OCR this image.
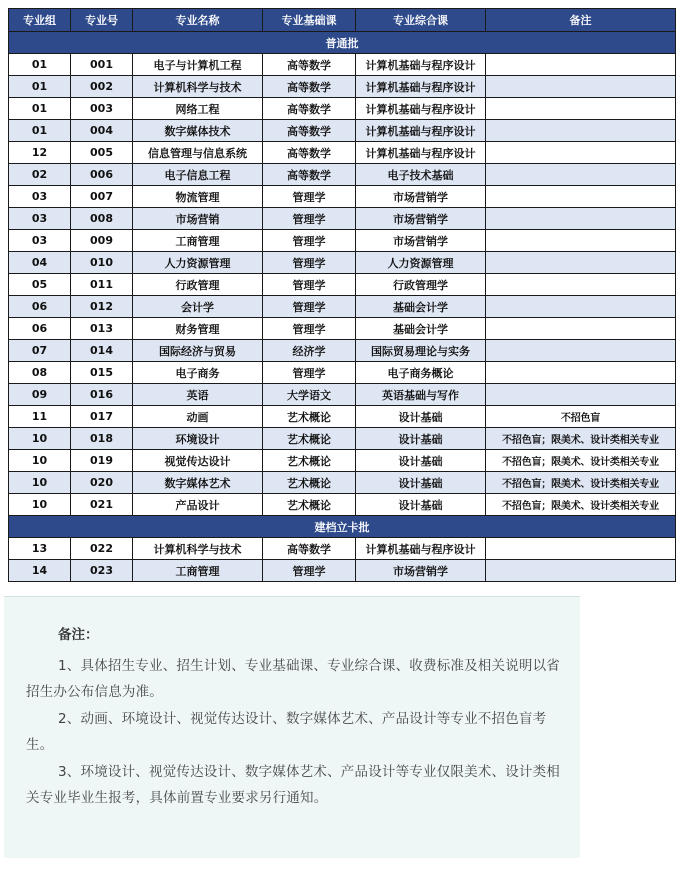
专业组	专业号	专业名称	专业基础课	专业综合课	备注
普通批					
01	001	电子与计算机工程	高等数学	计算机基础与程序设计	
01	002	计算机科学与技术	高等数学	计算机基础与程序设计	
01	003	网络工程	高等数学	计算机基础与程序设计	
01	004	数字媒体技术	高等数学	计算机基础与程序设计	
12	005	信息管理与信息系统	高等数学	计算机基础与程序设计	
02	006	电子信息工程	高等数学	电子技术基础	
03	007	物流管理	管理学	市场营销学	
03	008	市场营销	管理学	市场营销学	
03	009	工商管理	管理学	市场营销学	
04	010	人力资源管理	管理学	人力资源管理	
05	011	行政管理	管理学	行政管理学	
06	012	会计学	管理学	基础会计学	
06	013	财务管理	管理学	基础会计学	
07	014	国际经济与贸易	经济学	国际贸易理论与实务	
08	015	电子商务	管理学	电子商务概论	
09	016	英语	大学语文	英语基础与写作	
11	017	动画	艺术概论	设计基础	不招色盲
10	018	环境设计	艺术概论	设计基础	不招色盲；限美术、设计类相关专业
10	019	视觉传达设计	艺术概论	设计基础	不招色盲；限美术、设计类相关专业
10	020	数字媒体艺术	艺术概论	设计基础	不招色盲；限美术、设计类相关专业
10	021	产品设计	艺术概论	设计基础	不招色盲；限美术、设计类相关专业
建档立卡批					
13	022	计算机科学与技术	高等数学	计算机基础与程序设计	
14	023	工商管理	管理学	市场营销学	
备注：

1、具体招生专业、招生计划、专业基础课、专业综合课、收费标准及相关说明以省招生办公布信息为准。

2、动画、环境设计、视觉传达设计、数字媒体艺术、产品设计等专业不招色盲考生。

3、环境设计、视觉传达设计、数字媒体艺术、产品设计等专业仅限美术、设计类相关专业毕业生报考，具体前置专业要求另行通知。
